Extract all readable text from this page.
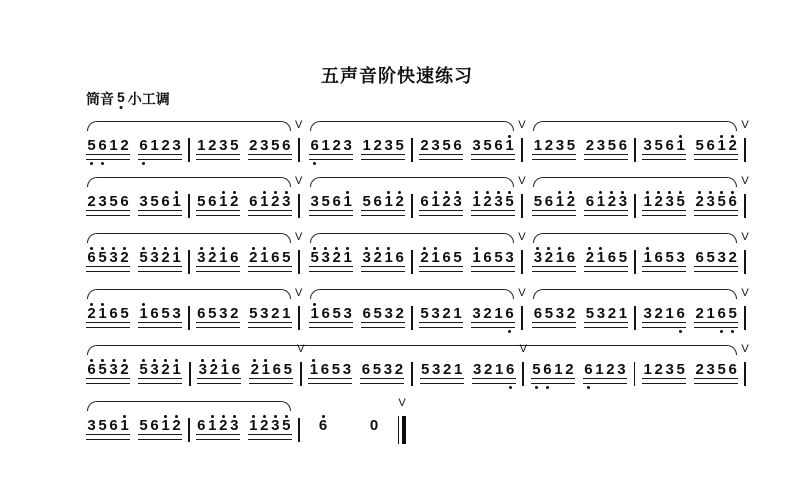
五声音阶快速练习
筒音 5 小工调
5 6 1 2 6 1 2 3 1 2 3 5 2 3 5 6
V
6 1 2 3 1 2 3 5 2 3 5 6 3 5 6 1
V
1 2 3 5 2 3 5 6 3 5 6 1 5 6 1 2
V
2 3 5 6 3 5 6 1 5 6 1 2 6 1 2 3
V
3 5 6 1 5 6 1 2 6 1 2 3 1 2 3 5
V
5 6 1 2 6 1 2 3 1 2 3 5 2 3 5 6
V
6 5 3 2 5 3 2 1 3 2 1 6 2 1 6 5
V
5 3 2 1 3 2 1 6 2 1 6 5 1 6 5 3
V
3 2 1 6 2 1 6 5 1 6 5 3 6 5 3 2
V
2 1 6 5 1 6 5 3 6 5 3 2 5 3 2 1
V
1 6 5 3 6 5 3 2 5 3 2 1 3 2 1 6
V
6 5 3 2 5 3 2 1 3 2 1 6 2 1 6 5
V
6 5 3 2 5 3 2 1 3 2 1 6 2 1 6 5
V
1 6 5 3 6 5 3 2 5 3 2 1 3 2 1 6
V
5 6 1 2 6 1 2 3 1 2 3 5 2 3 5 6
V
3 5 6 1 5 6 1 2 6 1 2 3 1 2 3 5 6	0
V
